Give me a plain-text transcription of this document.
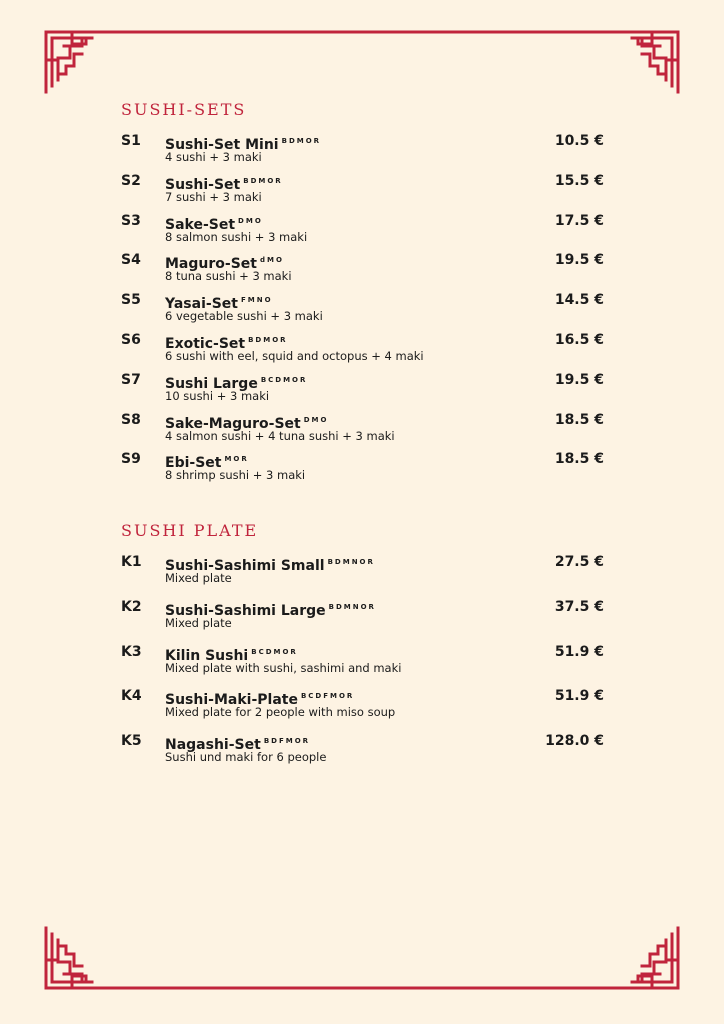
SUSHI-SETS
S1 Sushi-Set Mini $^{BDMOR}$
4 sushi + 3 maki
10.5 €
S2 Sushi-Set $^{BDMOR}$
7 sushi + 3 maki
15.5 €
S3 Sake-Set $^{DMO}$
8 salmon sushi + 3 maki
17.5 €
S4 Maguro-Set $^{dMO}$
8 tuna sushi + 3 maki
19.5 €
S5 Yasai-Set $^{FMNO}$
6 vegetable sushi + 3 maki
14.5 €
S6 Exotic-Set $^{BDMOR}$
6 sushi with eel, squid and octopus + 4 maki
16.5 €
S7 Sushi Large $^{BCDMOR}$
10 sushi + 3 maki
19.5 €
S8 Sake-Maguro-Set $^{DMO}$
4 salmon sushi + 4 tuna sushi + 3 maki
18.5 €
S9 Ebi-Set $^{MOR}$
8 shrimp sushi + 3 maki
18.5 €
SUSHI PLATE
K1 Sushi-Sashimi Small $^{BDMNOR}$
Mixed plate
27.5 €
K2 Sushi-Sashimi Large $^{BDMNOR}$
Mixed plate
37.5 €
K3 Kilin Sushi $^{BCDMOR}$
Mixed plate with sushi, sashimi and maki
51.9 €
K4 Sushi-Maki-Plate $^{BCDFMOR}$
Mixed plate for 2 people with miso soup
51.9 €
K5 Nagashi-Set $^{BDFMOR}$
Sushi und maki for 6 people
128.0 €
